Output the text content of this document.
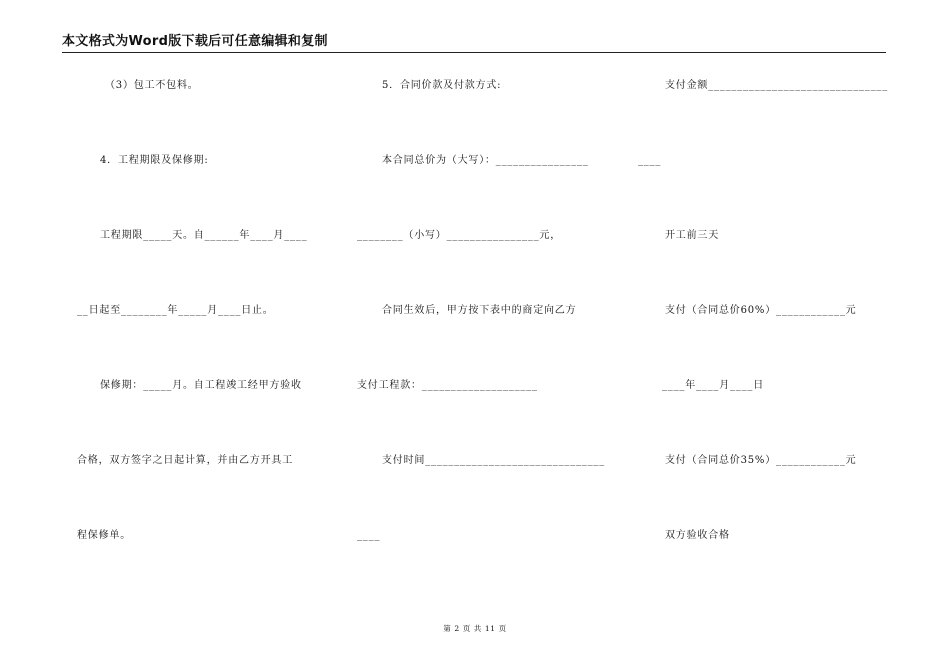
本文格式为Word版下载后可任意编辑和复制
（3）包工不包料。
4．工程期限及保修期:
工程期限_____天。自______年____月____
__日起至________年_____月____日止。
保修期：_____月。自工程竣工经甲方验收
合格，双方签字之日起计算，并由乙方开具工
程保修单。
5．合同价款及付款方式:
本合同总价为（大写）：________________	____
________（小写）________________元，
合同生效后，甲方按下表中的商定向乙方
支付工程款：____________________
支付时间_______________________________
____
支付金额_______________________________
开工前三天
支付（合同总价60%）____________元
____年____月____日
支付（合同总价35%）____________元
双方验收合格
第 2 页 共 11 页
